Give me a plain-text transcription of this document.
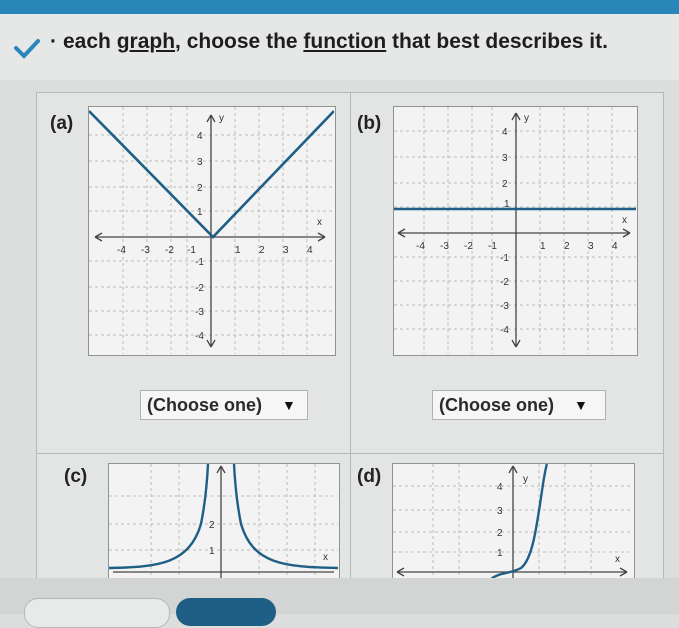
· each graph, choose the function that best describes it.
(a)	(b)
(c)	(d)
y
x
-4 -3 -2 -1	1 2 3 4
4
3
2
1
-1
-2
-3
-4
y
x
-4 -3 -2 -1	1 2 3 4
4
3
2
1
-1
-2
-3
-4
(Choose one) ▼	(Choose one) ▼
x
2
1
y
x
4
3
2
1
